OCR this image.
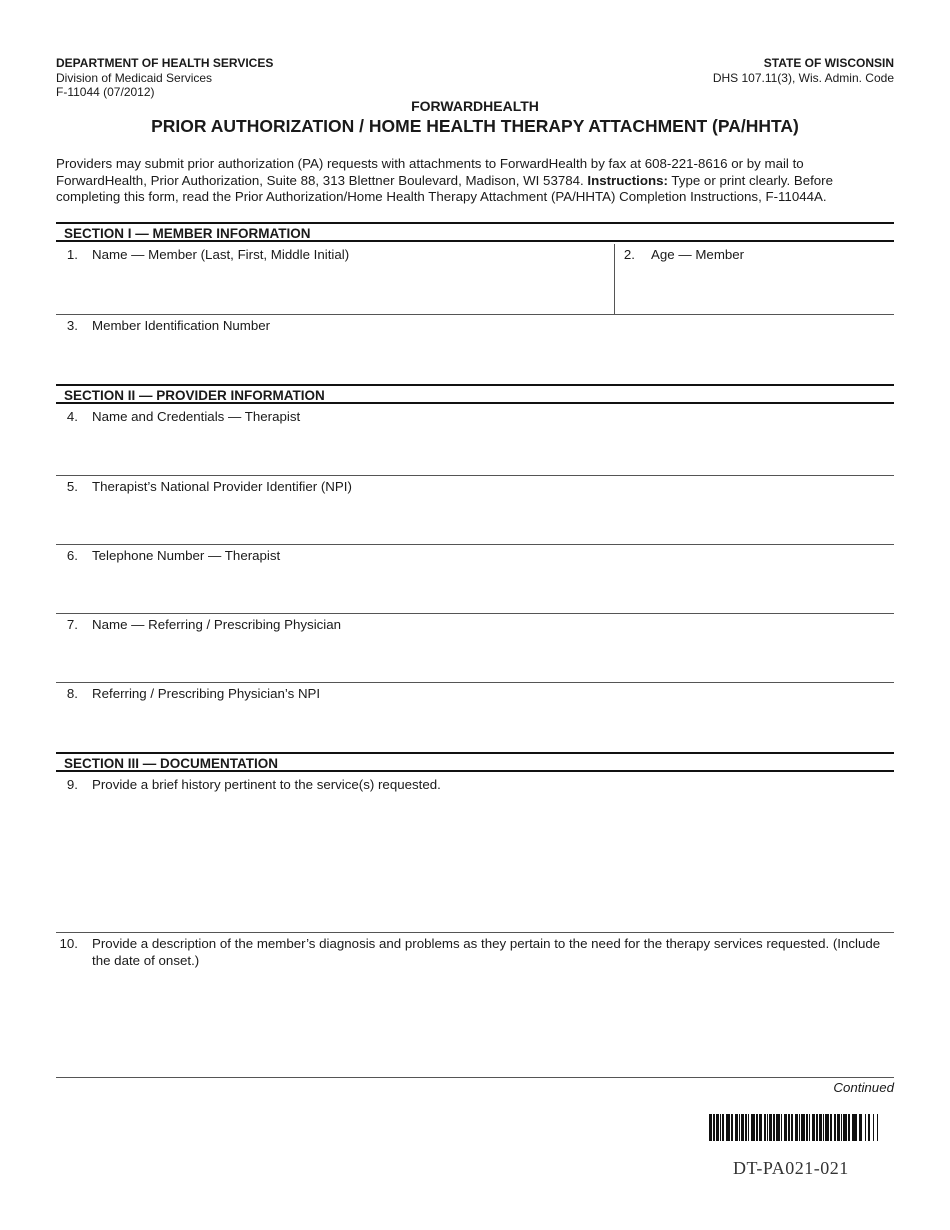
DEPARTMENT OF HEALTH SERVICES
Division of Medicaid Services
F-11044 (07/2012)
STATE OF WISCONSIN
DHS 107.11(3), Wis. Admin. Code
FORWARDHEALTH
PRIOR AUTHORIZATION / HOME HEALTH THERAPY ATTACHMENT (PA/HHTA)
Providers may submit prior authorization (PA) requests with attachments to ForwardHealth by fax at 608-221-8616 or by mail to ForwardHealth, Prior Authorization, Suite 88, 313 Blettner Boulevard, Madison, WI 53784. Instructions: Type or print clearly. Before completing this form, read the Prior Authorization/Home Health Therapy Attachment (PA/HHTA) Completion Instructions, F-11044A.
SECTION I — MEMBER INFORMATION
1. Name — Member (Last, First, Middle Initial)	2. Age — Member
3. Member Identification Number
SECTION II — PROVIDER INFORMATION
4. Name and Credentials — Therapist
5. Therapist’s National Provider Identifier (NPI)
6. Telephone Number — Therapist
7. Name — Referring / Prescribing Physician
8. Referring / Prescribing Physician’s NPI
SECTION III — DOCUMENTATION
9. Provide a brief history pertinent to the service(s) requested.
10. Provide a description of the member’s diagnosis and problems as they pertain to the need for the therapy services requested. (Include the date of onset.)
Continued
DT-PA021-021
